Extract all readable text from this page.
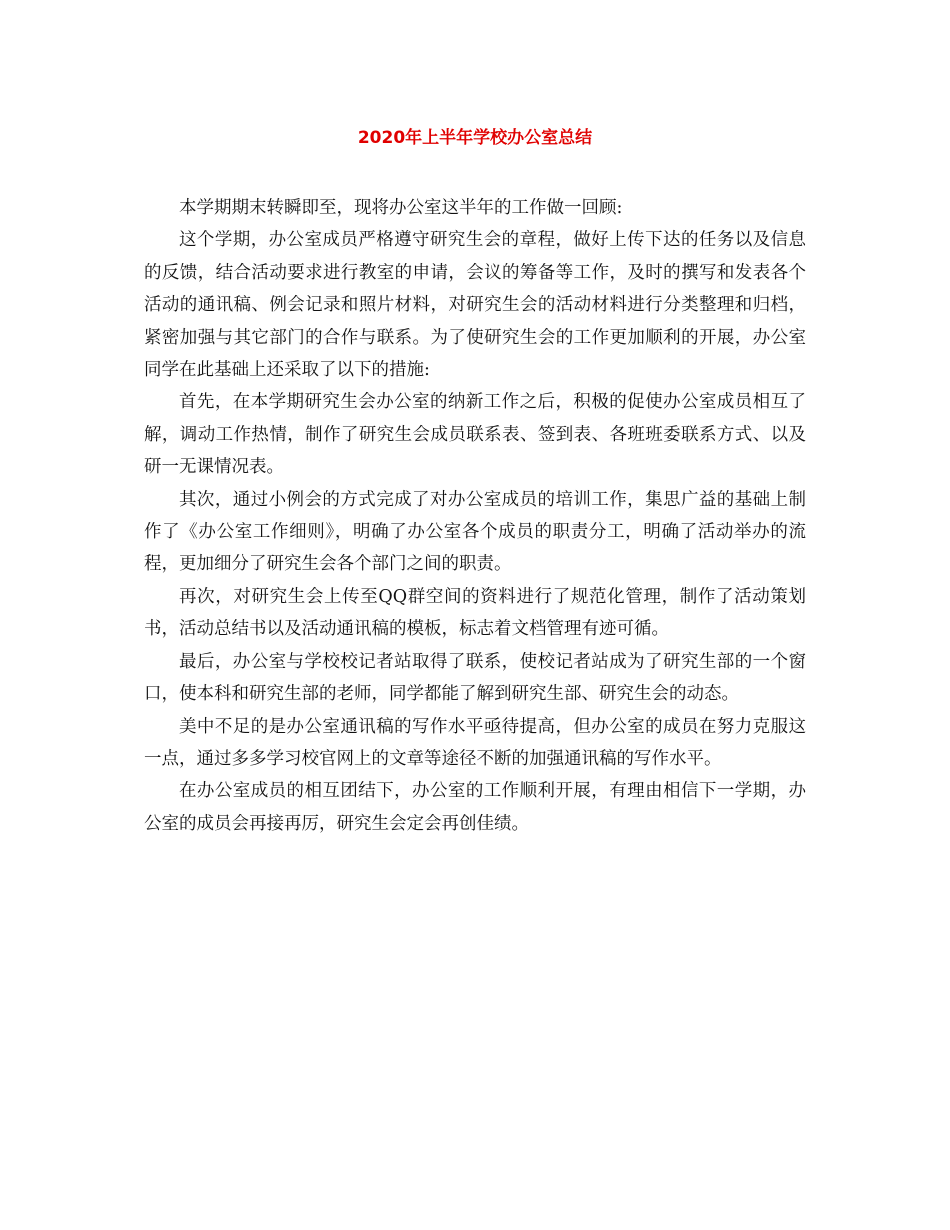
2020年上半年学校办公室总结

本学期期末转瞬即至，现将办公室这半年的工作做一回顾:

这个学期，办公室成员严格遵守研究生会的章程，做好上传下达的任务以及信息的反馈，结合活动要求进行教室的申请，会议的筹备等工作，及时的撰写和发表各个活动的通讯稿、例会记录和照片材料，对研究生会的活动材料进行分类整理和归档，紧密加强与其它部门的合作与联系。为了使研究生会的工作更加顺利的开展，办公室同学在此基础上还采取了以下的措施:

首先，在本学期研究生会办公室的纳新工作之后，积极的促使办公室成员相互了解，调动工作热情，制作了研究生会成员联系表、签到表、各班班委联系方式、以及研一无课情况表。

其次，通过小例会的方式完成了对办公室成员的培训工作，集思广益的基础上制作了《办公室工作细则》，明确了办公室各个成员的职责分工，明确了活动举办的流程，更加细分了研究生会各个部门之间的职责。

再次，对研究生会上传至QQ群空间的资料进行了规范化管理，制作了活动策划书，活动总结书以及活动通讯稿的模板，标志着文档管理有迹可循。

最后，办公室与学校校记者站取得了联系，使校记者站成为了研究生部的一个窗口，使本科和研究生部的老师，同学都能了解到研究生部、研究生会的动态。

美中不足的是办公室通讯稿的写作水平亟待提高，但办公室的成员在努力克服这一点，通过多多学习校官网上的文章等途径不断的加强通讯稿的写作水平。

在办公室成员的相互团结下，办公室的工作顺利开展，有理由相信下一学期，办公室的成员会再接再厉，研究生会定会再创佳绩。
